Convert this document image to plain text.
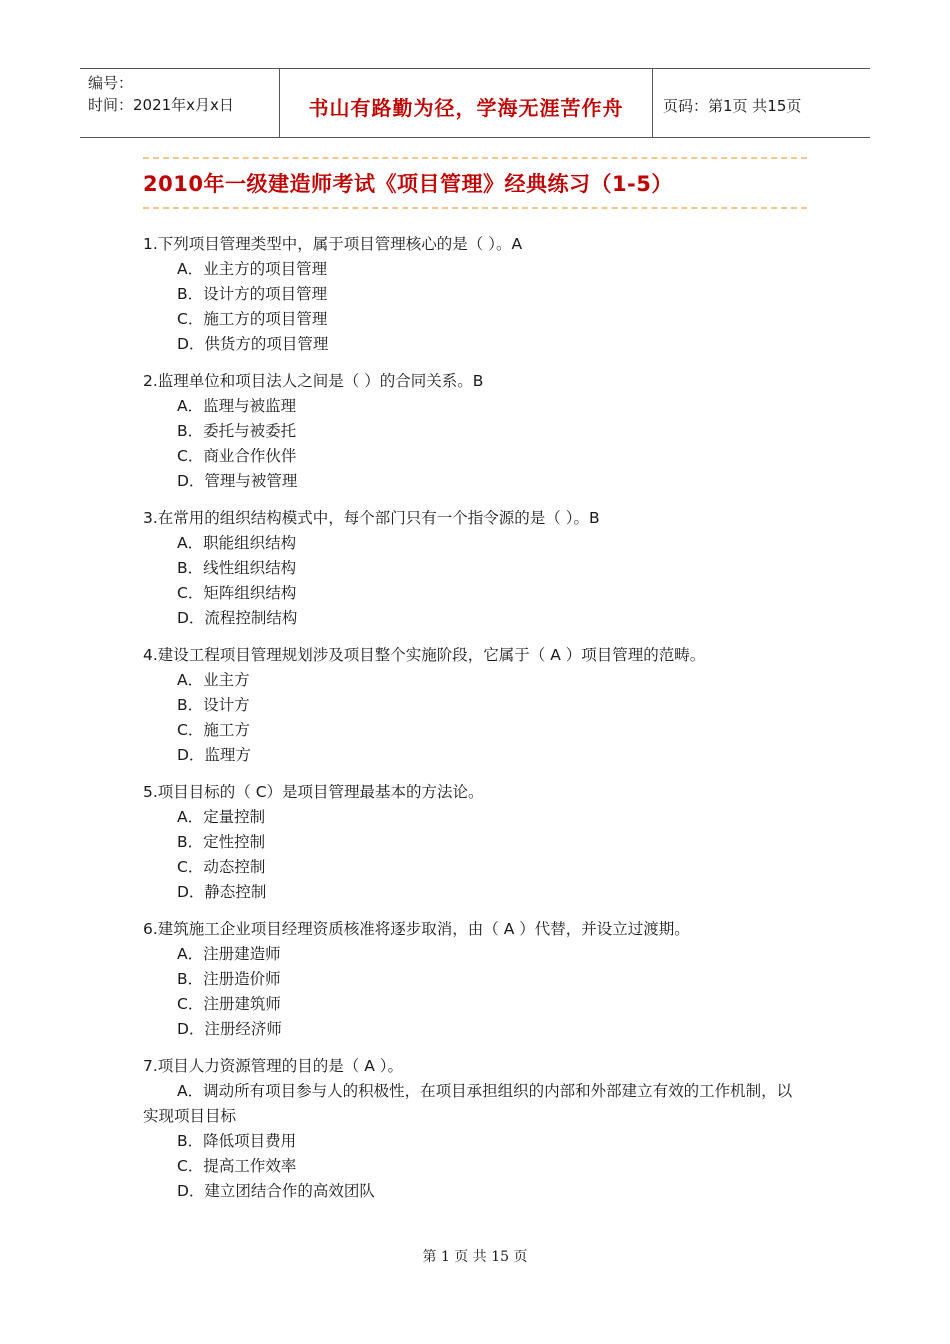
编号：
时间：2021年x月x日	书山有路勤为径，学海无涯苦作舟	页码：第1页 共15页
2010年一级建造师考试《项目管理》经典练习（1-5）
1.下列项目管理类型中，属于项目管理核心的是（ ）。A
A．业主方的项目管理
B．设计方的项目管理
C．施工方的项目管理
D．供货方的项目管理
2.监理单位和项目法人之间是（ ）的合同关系。B
A．监理与被监理
B．委托与被委托
C．商业合作伙伴
D．管理与被管理
3.在常用的组织结构模式中，每个部门只有一个指令源的是（ ）。B
A．职能组织结构
B．线性组织结构
C．矩阵组织结构
D．流程控制结构
4.建设工程项目管理规划涉及项目整个实施阶段，它属于（ A ）项目管理的范畴。
A．业主方
B．设计方
C．施工方
D．监理方
5.项目目标的（ C）是项目管理最基本的方法论。
A．定量控制
B．定性控制
C．动态控制
D．静态控制
6.建筑施工企业项目经理资质核准将逐步取消，由（ A ）代替，并设立过渡期。
A．注册建造师
B．注册造价师
C．注册建筑师
D．注册经济师
7.项目人力资源管理的目的是（ A ）。
A．调动所有项目参与人的积极性，在项目承担组织的内部和外部建立有效的工作机制，以实现项目目标
B．降低项目费用
C．提高工作效率
D．建立团结合作的高效团队
第 1 页 共 15 页
